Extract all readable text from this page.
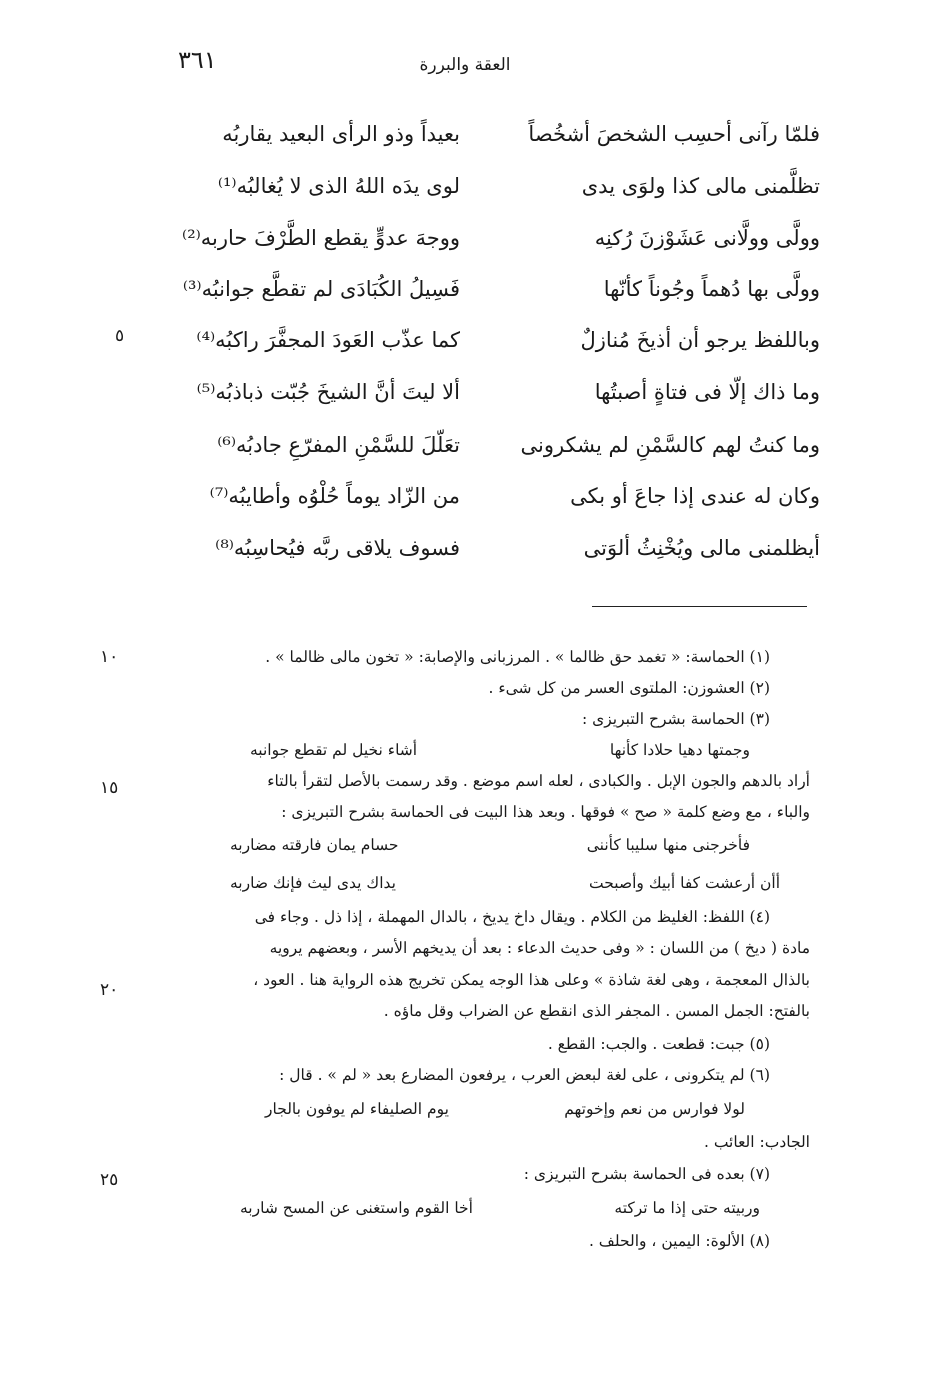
٣٦١	العقة والبررة
فلمّا رآنى أحسِب الشخصَ أشخُصاً
بعيداً وذو الرأى البعيد يقاربُه
تظلَّمنى مالى كذا ولوَى يدى
لوى يدَه اللهُ الذى لا يُغالبُه⁽¹⁾
وولَّى وولَّانى عَشَوْزنَ رُكنِه
ووجهَ عدوٍّ يقطع الطَّرْفَ حاربه⁽²⁾
وولَّى بها دُهماً وجُوناً كأنّها
فَسِيلُ الكُبَادَى لم تقطَّع جوانبُه⁽³⁾
وباللفظ يرجو أن أذيخَ مُنازلٌ
كما عذّب العَودَ المجفَّرَ راكبُه⁽⁴⁾
وما ذاك إلّا فى فتاةٍ أصبتُها
ألا ليتَ أنَّ الشيخَ جُبّت ذباذبُه⁽⁵⁾
وما كنتُ لهم كالسَّمْنِ لم يشكرونى
تعَلّلَ للسَّمْنِ المفرّعِ جادبُه⁽⁶⁾
وكان له عندى إذا جاعَ أو بكى
من الزّاد يوماً حُلْوُه وأطايبُه⁽⁷⁾
أيظلمنى مالى ويُخْنِثُ ألوَتى
فسوف يلاقى ربَّه فيُحاسِبُه⁽⁸⁾
٥
١٠
١٥
٢٠
٢٥
(١) الحماسة: « تغمد حق ظالما » . المرزبانى والإصابة: « تخون مالى ظالما » .
(٢) العشوزن: الملتوى العسر من كل شىء .
(٣) الحماسة بشرح التبريزى :
وجمتها دهيا حلادا كأنها
أشاء نخيل لم تقطع جوانبه
أراد بالدهم والجون الإبل . والكبادى ، لعله اسم موضع . وقد رسمت بالأصل لتقرأ بالتاء
والباء ، مع وضع كلمة « صح » فوقها . وبعد هذا البيت فى الحماسة بشرح التبريزى :
فأخرجنى منها سليبا كأننى
حسام يمان فارقته مضاربه
أأن أرعشت كفا أبيك وأصبحت
يداك يدى ليث فإنك ضاربه
(٤) اللفظ: الغليظ من الكلام . ويقال داخ يديخ ، بالدال المهملة ، إذا ذل . وجاء فى
مادة ( ديخ ) من اللسان : « وفى حديث الدعاء : بعد أن يديخهم الأسر ، وبعضهم يرويه
بالذال المعجمة ، وهى لغة شاذة » وعلى هذا الوجه يمكن تخريج هذه الرواية هنا . العود ،
بالفتح: الجمل المسن . المجفر الذى انقطع عن الضراب وقل ماؤه .
(٥) جبت: قطعت . والجب: القطع .
(٦) لم يتكرونى ، على لغة لبعض العرب ، يرفعون المضارع بعد « لم » . قال :
لولا فوارس من نعم وإخوتهم
يوم الصليفاء لم يوفون بالجار
الجادب: العائب .
(٧) بعده فى الحماسة بشرح التبريزى :
وربيته حتى إذا ما تركته
أخا القوم واستغنى عن المسح شاربه
(٨) الألوة: اليمين ، والحلف .
